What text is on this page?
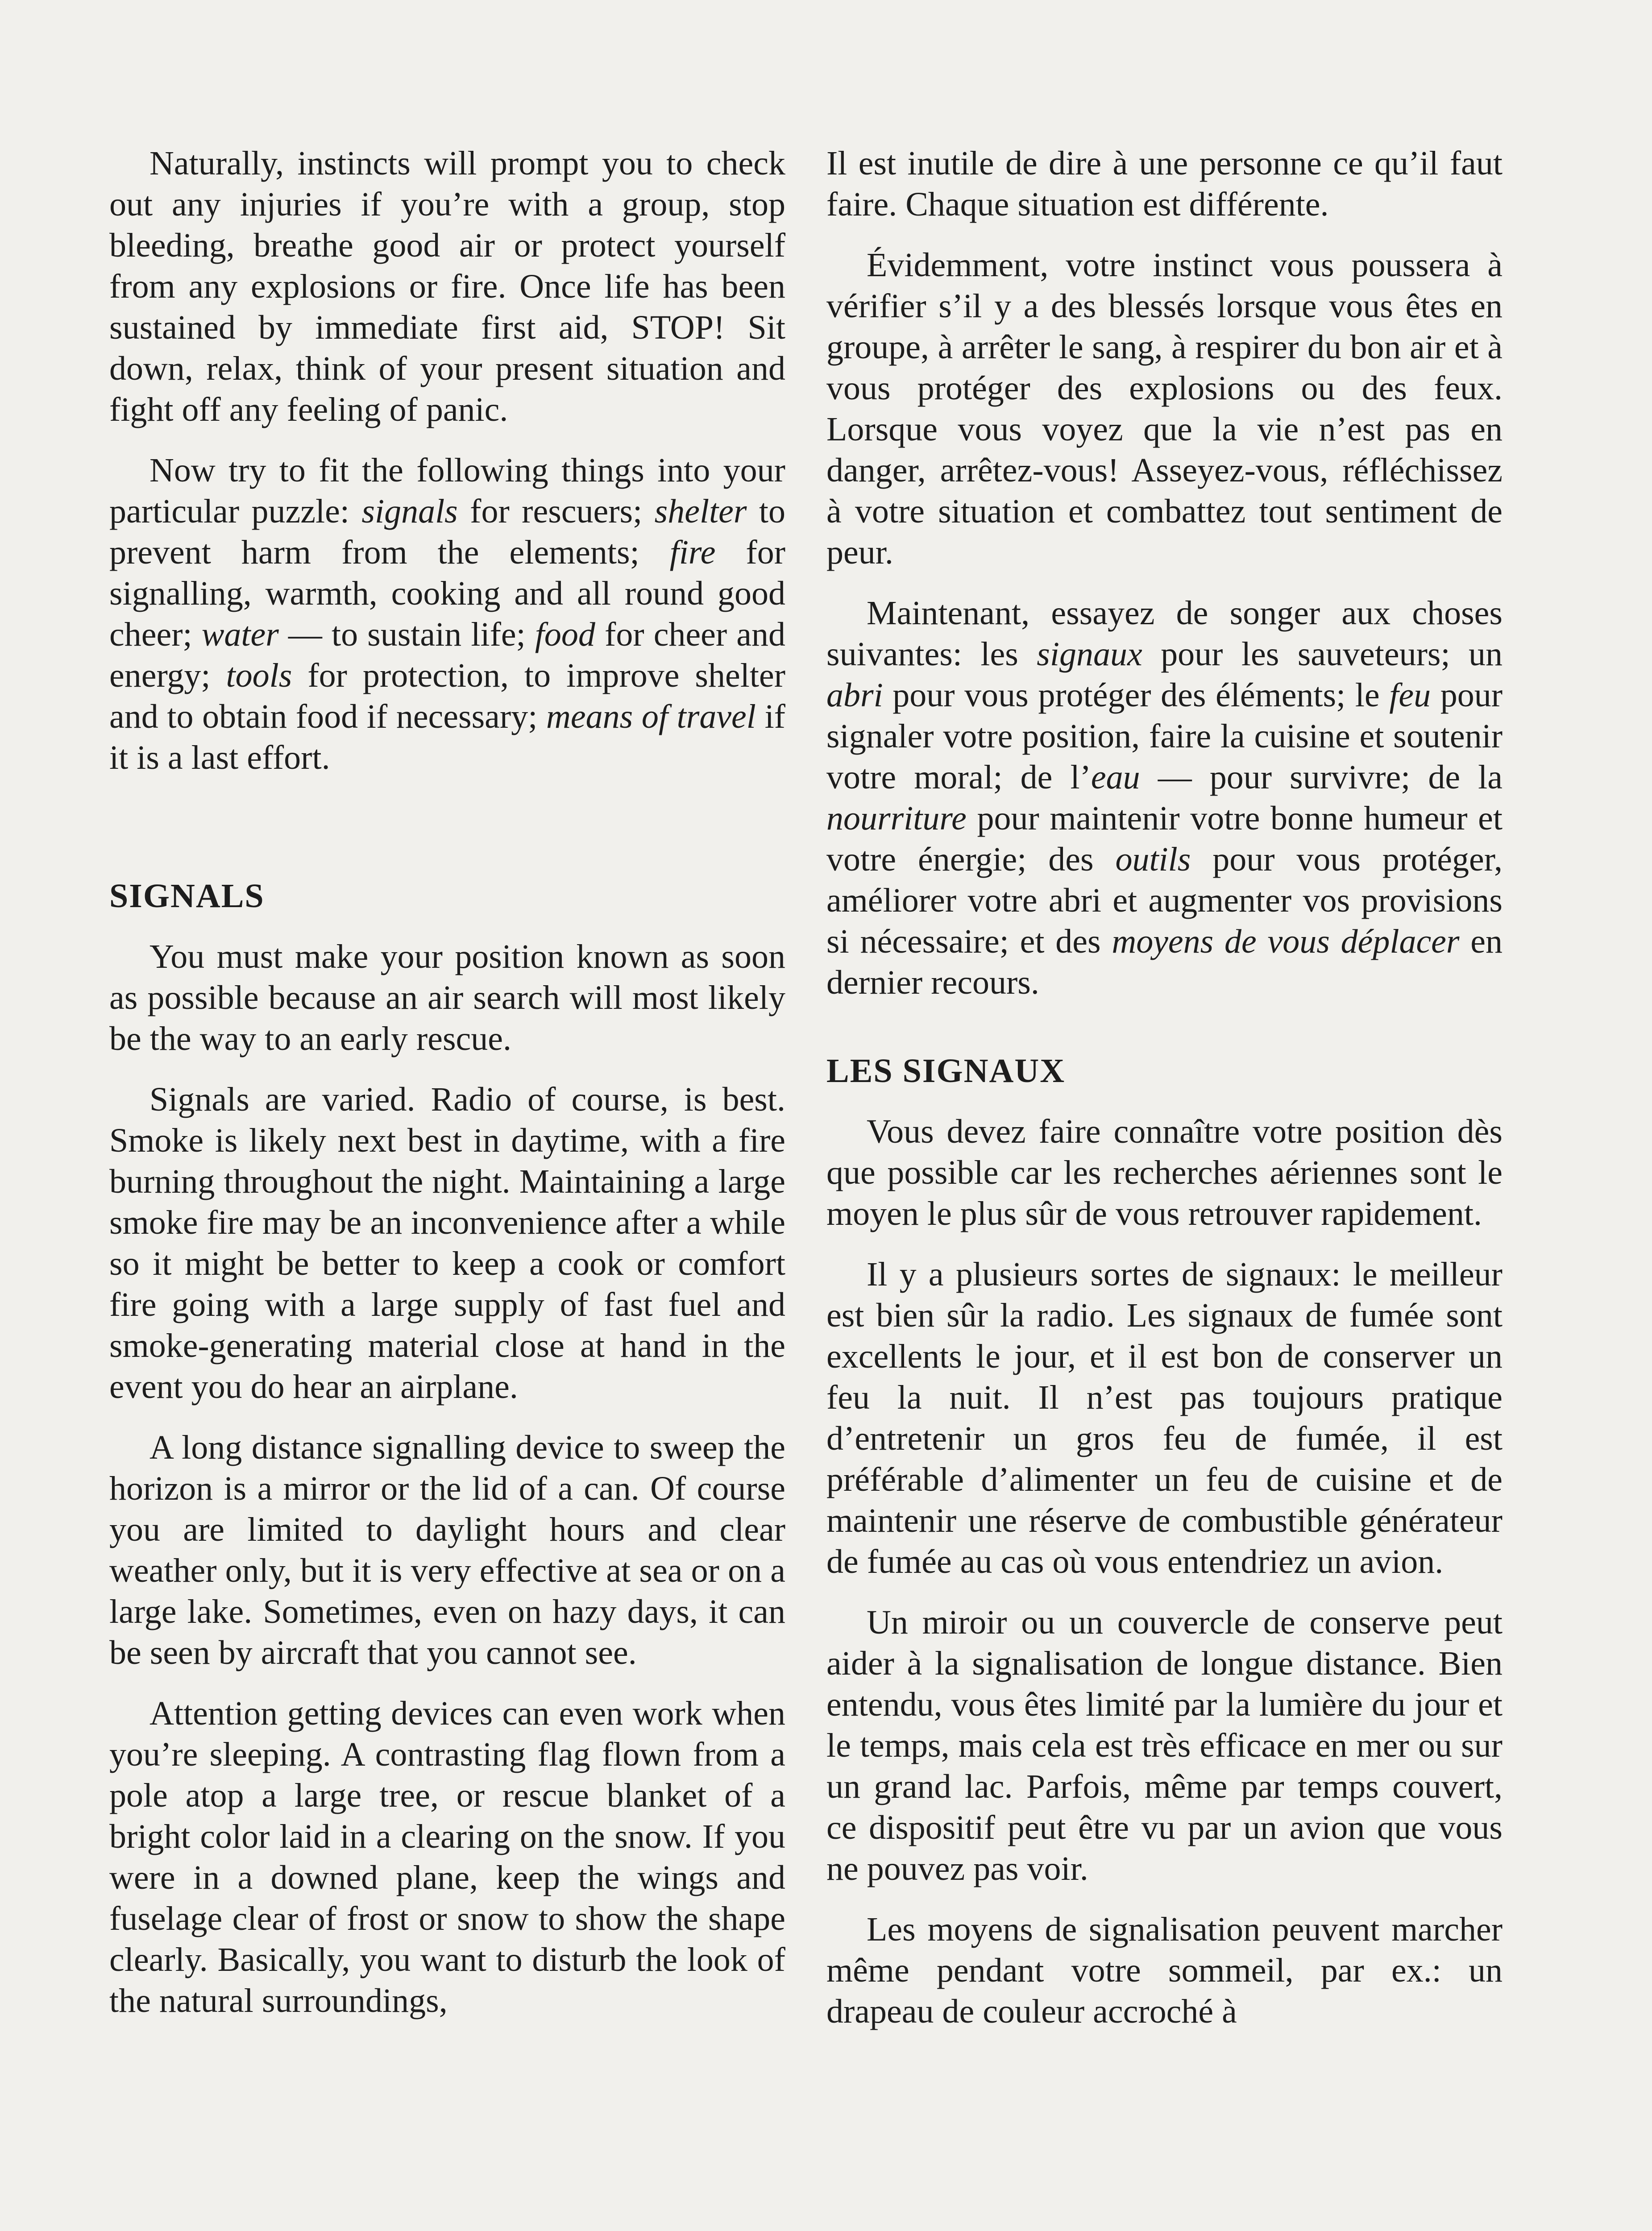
Naturally, instincts will prompt you to check out any injuries if you’re with a group, stop bleeding, breathe good air or protect yourself from any explosions or fire. Once life has been sustained by immediate first aid, STOP! Sit down, relax, think of your present situation and fight off any feeling of panic.

Now try to fit the following things into your particular puzzle: signals for rescuers; shelter to prevent harm from the elements; fire for signalling, warmth, cooking and all round good cheer; water — to sustain life; food for cheer and energy; tools for protection, to improve shelter and to obtain food if necessary; means of travel if it is a last effort.

SIGNALS

You must make your position known as soon as possible because an air search will most likely be the way to an early rescue.

Signals are varied. Radio of course, is best. Smoke is likely next best in daytime, with a fire burning throughout the night. Maintaining a large smoke fire may be an inconvenience after a while so it might be better to keep a cook or comfort fire going with a large supply of fast fuel and smoke-generating material close at hand in the event you do hear an airplane.

A long distance signalling device to sweep the horizon is a mirror or the lid of a can. Of course you are limited to daylight hours and clear weather only, but it is very effective at sea or on a large lake. Sometimes, even on hazy days, it can be seen by aircraft that you cannot see.

Attention getting devices can even work when you’re sleeping. A contrasting flag flown from a pole atop a large tree, or rescue blanket of a bright color laid in a clearing on the snow. If you were in a downed plane, keep the wings and fuselage clear of frost or snow to show the shape clearly. Basically, you want to disturb the look of the natural surroundings,

Il est inutile de dire à une personne ce qu’il faut faire. Chaque situation est différente.

Évidemment, votre instinct vous poussera à vérifier s’il y a des blessés lorsque vous êtes en groupe, à arrêter le sang, à respirer du bon air et à vous protéger des explosions ou des feux. Lorsque vous voyez que la vie n’est pas en danger, arrêtez-vous! Asseyez-vous, réfléchissez à votre situation et combattez tout sentiment de peur.

Maintenant, essayez de songer aux choses suivantes: les signaux pour les sauveteurs; un abri pour vous protéger des éléments; le feu pour signaler votre position, faire la cuisine et soutenir votre moral; de l’eau — pour survivre; de la nourriture pour maintenir votre bonne humeur et votre énergie; des outils pour vous protéger, améliorer votre abri et augmenter vos provisions si nécessaire; et des moyens de vous déplacer en dernier recours.

LES SIGNAUX

Vous devez faire connaître votre position dès que possible car les recherches aériennes sont le moyen le plus sûr de vous retrouver rapidement.

Il y a plusieurs sortes de signaux: le meilleur est bien sûr la radio. Les signaux de fumée sont excellents le jour, et il est bon de conserver un feu la nuit. Il n’est pas toujours pratique d’entretenir un gros feu de fumée, il est préférable d’alimenter un feu de cuisine et de maintenir une réserve de combustible générateur de fumée au cas où vous entendriez un avion.

Un miroir ou un couvercle de conserve peut aider à la signalisation de longue distance. Bien entendu, vous êtes limité par la lumière du jour et le temps, mais cela est très efficace en mer ou sur un grand lac. Parfois, même par temps couvert, ce dispositif peut être vu par un avion que vous ne pouvez pas voir.

Les moyens de signalisation peuvent marcher même pendant votre sommeil, par ex.: un drapeau de couleur accroché à
